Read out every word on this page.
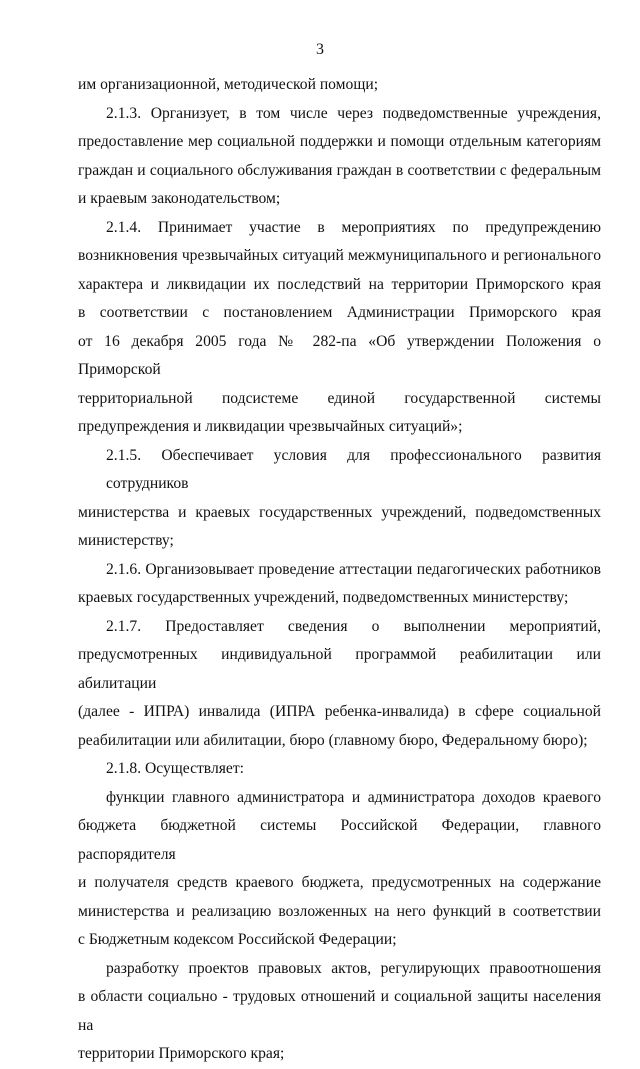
3
им организационной, методической помощи;
2.1.3. Организует, в том числе через подведомственные учреждения,
предоставление мер социальной поддержки и помощи отдельным категориям
граждан и социального обслуживания граждан в соответствии с федеральным
и краевым законодательством;
2.1.4. Принимает участие в мероприятиях по предупреждению
возникновения чрезвычайных ситуаций межмуниципального и регионального
характера и ликвидации их последствий на территории Приморского края
в соответствии с постановлением Администрации Приморского края
от 16 декабря 2005 года № 282-па «Об утверждении Положения о Приморской
территориальной подсистеме единой государственной системы
предупреждения и ликвидации чрезвычайных ситуаций»;
2.1.5. Обеспечивает условия для профессионального развития сотрудников
министерства и краевых государственных учреждений, подведомственных
министерству;
2.1.6. Организовывает проведение аттестации педагогических работников
краевых государственных учреждений, подведомственных министерству;
2.1.7. Предоставляет сведения о выполнении мероприятий,
предусмотренных индивидуальной программой реабилитации или абилитации
(далее - ИПРА) инвалида (ИПРА ребенка-инвалида) в сфере социальной
реабилитации или абилитации, бюро (главному бюро, Федеральному бюро);
2.1.8. Осуществляет:
функции главного администратора и администратора доходов краевого
бюджета бюджетной системы Российской Федерации, главного распорядителя
и получателя средств краевого бюджета, предусмотренных на содержание
министерства и реализацию возложенных на него функций в соответствии
с Бюджетным кодексом Российской Федерации;
разработку проектов правовых актов, регулирующих правоотношения
в области социально - трудовых отношений и социальной защиты населения на
территории Приморского края;
